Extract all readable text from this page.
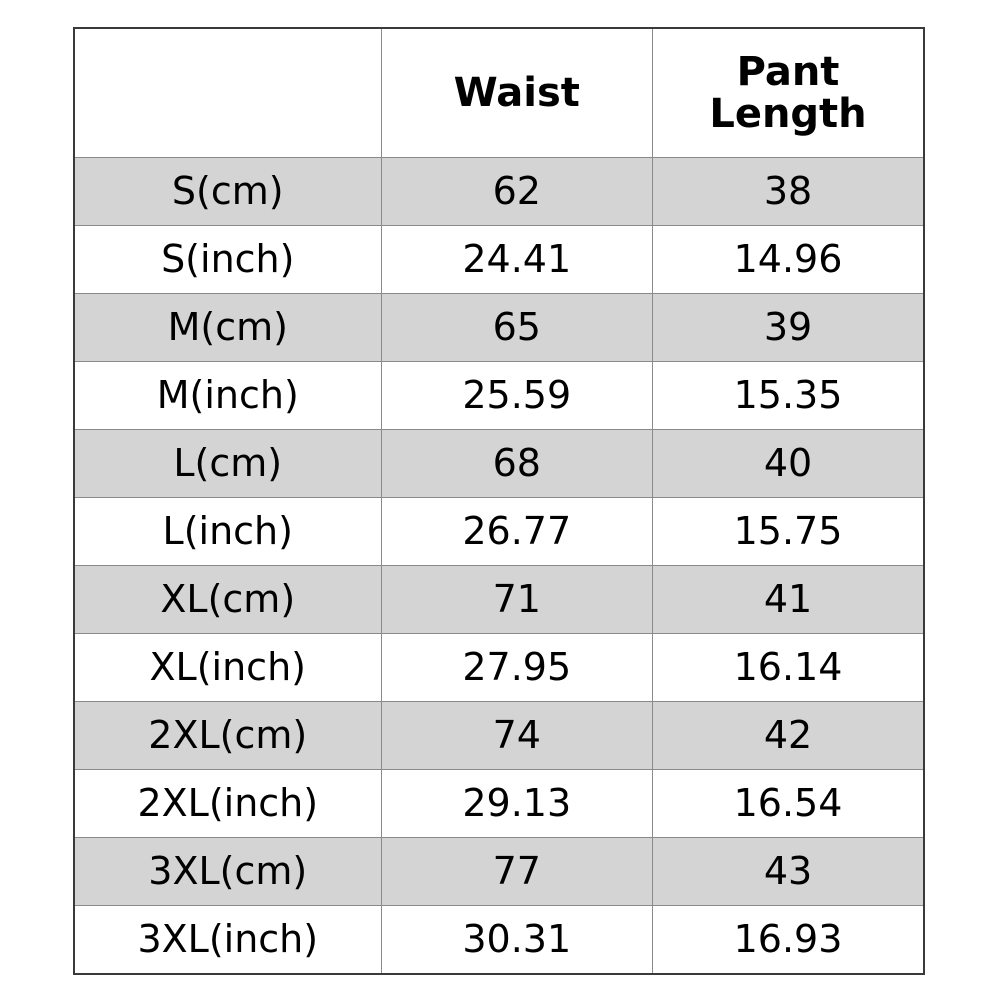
	Waist	Pant Length
S(cm)	62	38
S(inch)	24.41	14.96
M(cm)	65	39
M(inch)	25.59	15.35
L(cm)	68	40
L(inch)	26.77	15.75
XL(cm)	71	41
XL(inch)	27.95	16.14
2XL(cm)	74	42
2XL(inch)	29.13	16.54
3XL(cm)	77	43
3XL(inch)	30.31	16.93
